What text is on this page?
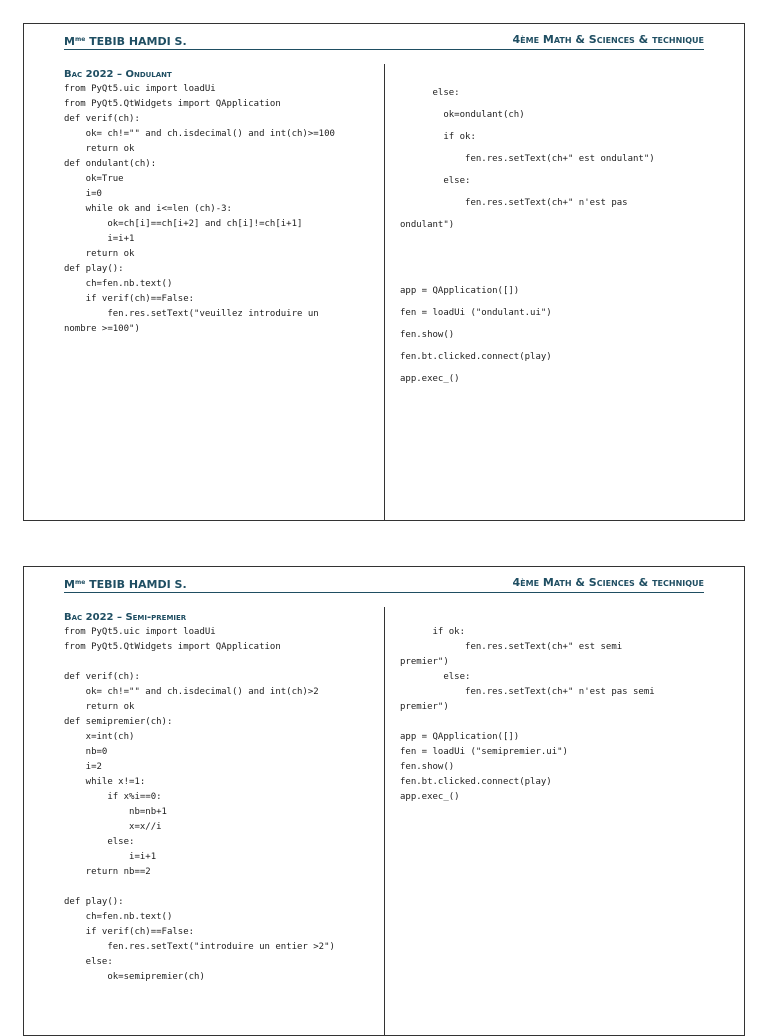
$M^{me}$ TEBIB HAMDI S.	4ème Math & Sciences & technique
Bac 2022 – Ondulant
from PyQt5.uic import loadUi
from PyQt5.QtWidgets import QApplication
def verif(ch):
ok= ch!="" and ch.isdecimal() and int(ch)>=100
return ok
def ondulant(ch):
ok=True
i=0
while ok and i<=len (ch)-3:
ok=ch[i]==ch[i+2] and ch[i]!=ch[i+1]
i=i+1
return ok
def play():
ch=fen.nb.text()
if verif(ch)==False:
fen.res.setText("veuillez introduire un
nombre >=100")
else:
ok=ondulant(ch)
if ok:
fen.res.setText(ch+" est ondulant")
else:
fen.res.setText(ch+" n'est pas
ondulant")

app = QApplication([])
fen = loadUi ("ondulant.ui")
fen.show()
fen.bt.clicked.connect(play)
app.exec_()
$M^{me}$ TEBIB HAMDI S.	4ème Math & Sciences & technique
Bac 2022 – Semi-premier
from PyQt5.uic import loadUi
from PyQt5.QtWidgets import QApplication

def verif(ch):
ok= ch!="" and ch.isdecimal() and int(ch)>2
return ok
def semipremier(ch):
x=int(ch)
nb=0
i=2
while x!=1:
if x%i==0:
nb=nb+1
x=x//i
else:
i=i+1
return nb==2

def play():
ch=fen.nb.text()
if verif(ch)==False:
fen.res.setText("introduire un entier >2")
else:
ok=semipremier(ch)
if ok:
fen.res.setText(ch+" est semi
premier")
else:
fen.res.setText(ch+" n'est pas semi
premier")

app = QApplication([])
fen = loadUi ("semipremier.ui")
fen.show()
fen.bt.clicked.connect(play)
app.exec_()
